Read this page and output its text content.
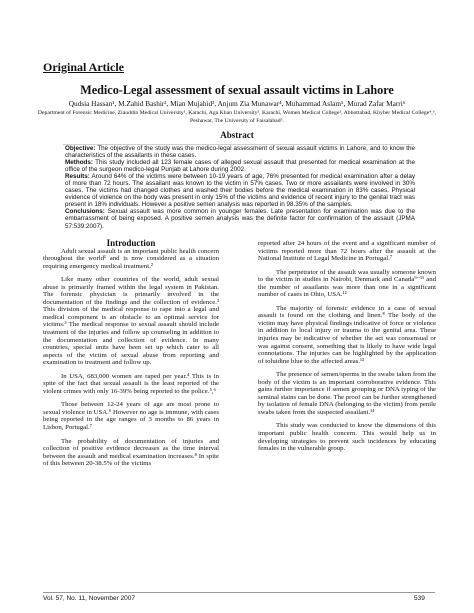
Original Article
Medico-Legal assessment of sexual assault victims in Lahore
Qudsia Hassan¹, M.Zahid Bashir², Mian Mujahid³, Anjum Zia Munawar⁴, Muhammad Aslam⁵, Murad Zafar Marri⁶
Department of Forensic Medicine, Ziauddin Medical University¹, Karachi, Aga Khan University², Karachi, Women Medical College³, Abbottabad, Khyber Medical College⁴,⁶, Peshawar, The University of Faisalabad⁵.
Abstract

Objective: The objective of the study was the medico-legal assessment of sexual assault victims in Lahore, and to know the characteristics of the assailants in these cases.

Methods: This study included all 123 female cases of alleged sexual assault that presented for medical examination at the office of the surgeon medico-legal Punjab at Lahore during 2002.

Results: Around 64% of the victims were between 10-19 years of age, 76% presented for medical examination after a delay of more than 72 hours. The assailant was known to the victim in 57% cases. Two or more assailants were involved in 30% cases. The victims had changed clothes and washed their bodies before the medical examination in 83% cases. Physical evidence of violence on the body was present in only 15% of the victims and evidence of recent injury to the genital tract was present in 18% individuals. However a positive semen analysis was reported in 98.35% of the samples.

Conclusions: Sexual assault was more common in younger females. Late presentation for examination was due to the embarrassment of being exposed. A positive semen analysis was the definite factor for confirmation of the assault (JPMA 57:539:2007).

Introduction

Adult sexual assault is an important public health concern throughout the world¹ and is now considered as a situation requiring emergency medical treatment.²

Like many other countries of the world, adult sexual abuse is primarily framed within the legal system in Pakistan. The forensic physician is primarily involved in the documentation of the findings and the collection of evidence.³ This division of the medical response to rape into a legal and medical component is an obstacle to an optimal service for victims.³ The medical response to sexual assault should include treatment of the injuries and follow up counseling in addition to the documentation and collection of evidence. In many countries, special units have been set up which cater to all aspects of the victim of sexual abuse from reporting and examination to treatment and follow up.

In USA, 683,000 women are raped per year.⁴ This is in spite of the fact that sexual assault is the least reported of the violent crimes with only 16-39% being reported to the police.⁵,⁶

Those between 12-24 years of age are most prone to sexual violence in USA.⁶ However no age is immune, with cases being reported in the age ranges of 3 months to 86 years in Lisbon, Portugal.⁷

The probability of documentation of injuries and collection of positive evidence decreases as the time interval between the assault and medical examination increases.⁸ In spite of this between 20-38.5% of the victims

reported after 24 hours of the event and a significant number of victims reported more than 72 hours after the assault at the National Institute of Legal Medicine in Portugal.⁷

The perpetrator of the assault was usually someone known to the victim in studies in Nairobi, Denmark and Canada⁹⁻¹¹ and the number of assailants was more than one in a significant number of cases in Ohio, USA.¹²

The majority of forensic evidence in a case of sexual assault is found on the clothing and linen.⁸ The body of the victim may have physical findings indicative of force or violence in addition to local injury or trauma to the genital area. These injuries may be indicative of whether the act was consensual or was against consent, something that is likely to have wide legal connotations. The injuries can be highlighted by the application of toluidine blue to the affected areas.¹³

The presence of semen/sperms in the swabs taken from the body of the victim is an important corroborative evidence. This gains further importance if semen grouping or DNA typing of the seminal stains can be done. The proof can be further strengthened by isolation of female DNA (belonging to the victim) from penile swabs taken from the suspected assailant.¹⁴

This study was conducted to know the dimensions of this important public health concern. This would help us in developing strategies to prevent such incidences by educating females in the vulnerable group.

Vol. 57, No. 11, November 2007	539
